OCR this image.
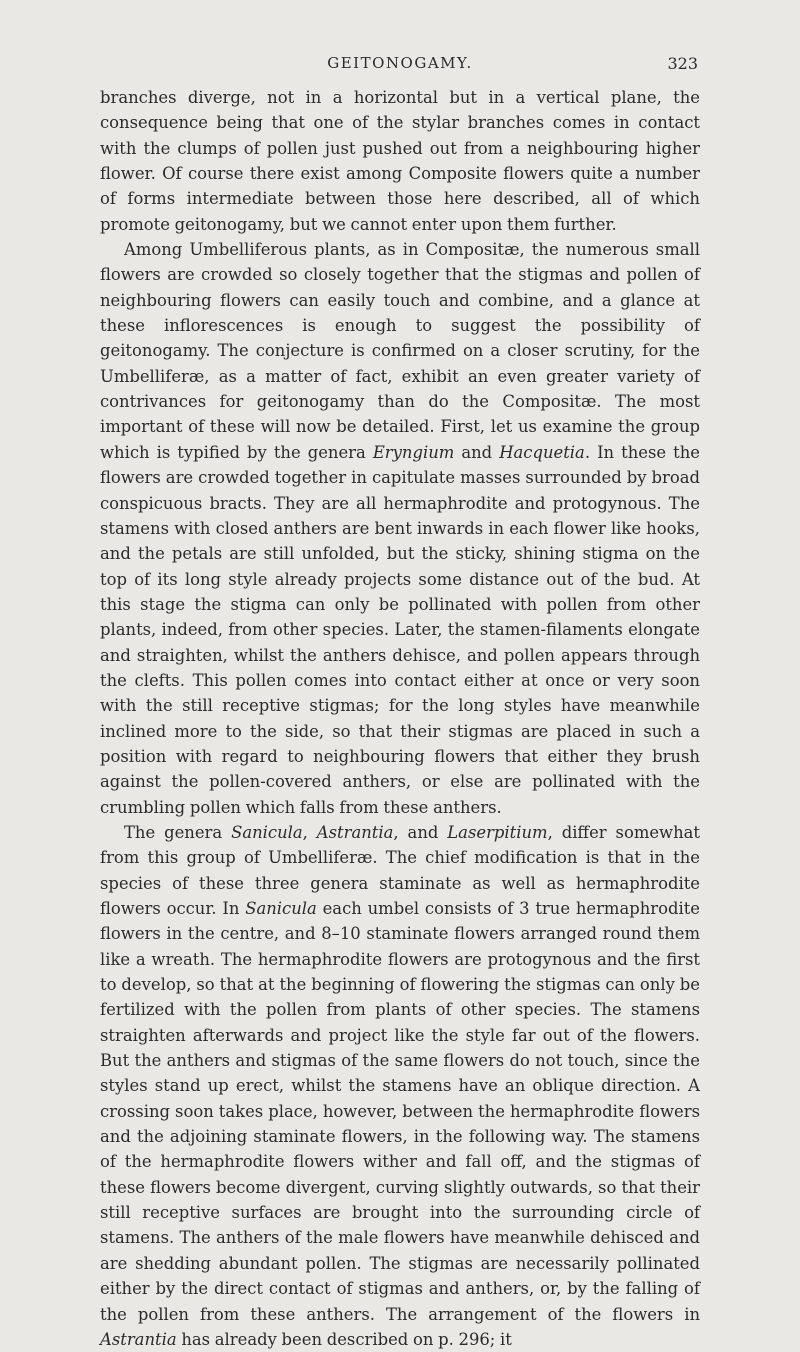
GEITONOGAMY.	323

branches diverge, not in a horizontal but in a vertical plane, the consequence being that one of the stylar branches comes in contact with the clumps of pollen just pushed out from a neighbouring higher flower. Of course there exist among Composite flowers quite a number of forms intermediate between those here described, all of which promote geitonogamy, but we cannot enter upon them further.

Among Umbelliferous plants, as in Compositæ, the numerous small flowers are crowded so closely together that the stigmas and pollen of neighbouring flowers can easily touch and combine, and a glance at these inflorescences is enough to suggest the possibility of geitonogamy. The conjecture is confirmed on a closer scrutiny, for the Umbelliferæ, as a matter of fact, exhibit an even greater variety of contrivances for geitonogamy than do the Compositæ. The most important of these will now be detailed. First, let us examine the group which is typified by the genera Eryngium and Hacquetia. In these the flowers are crowded together in capitulate masses surrounded by broad conspicuous bracts. They are all hermaphrodite and protogynous. The stamens with closed anthers are bent inwards in each flower like hooks, and the petals are still unfolded, but the sticky, shining stigma on the top of its long style already projects some distance out of the bud. At this stage the stigma can only be pollinated with pollen from other plants, indeed, from other species. Later, the stamen-filaments elongate and straighten, whilst the anthers dehisce, and pollen appears through the clefts. This pollen comes into contact either at once or very soon with the still receptive stigmas; for the long styles have meanwhile inclined more to the side, so that their stigmas are placed in such a position with regard to neighbouring flowers that either they brush against the pollen-covered anthers, or else are pollinated with the crumbling pollen which falls from these anthers.

The genera Sanicula, Astrantia, and Laserpitium, differ somewhat from this group of Umbelliferæ. The chief modification is that in the species of these three genera staminate as well as hermaphrodite flowers occur. In Sanicula each umbel consists of 3 true hermaphrodite flowers in the centre, and 8–10 staminate flowers arranged round them like a wreath. The hermaphrodite flowers are protogynous and the first to develop, so that at the beginning of flowering the stigmas can only be fertilized with the pollen from plants of other species. The stamens straighten afterwards and project like the style far out of the flowers. But the anthers and stigmas of the same flowers do not touch, since the styles stand up erect, whilst the stamens have an oblique direction. A crossing soon takes place, however, between the hermaphrodite flowers and the adjoining staminate flowers, in the following way. The stamens of the hermaphrodite flowers wither and fall off, and the stigmas of these flowers become divergent, curving slightly outwards, so that their still receptive surfaces are brought into the surrounding circle of stamens. The anthers of the male flowers have meanwhile dehisced and are shedding abundant pollen. The stigmas are necessarily pollinated either by the direct contact of stigmas and anthers, or, by the falling of the pollen from these anthers. The arrangement of the flowers in Astrantia has already been described on p. 296; it
